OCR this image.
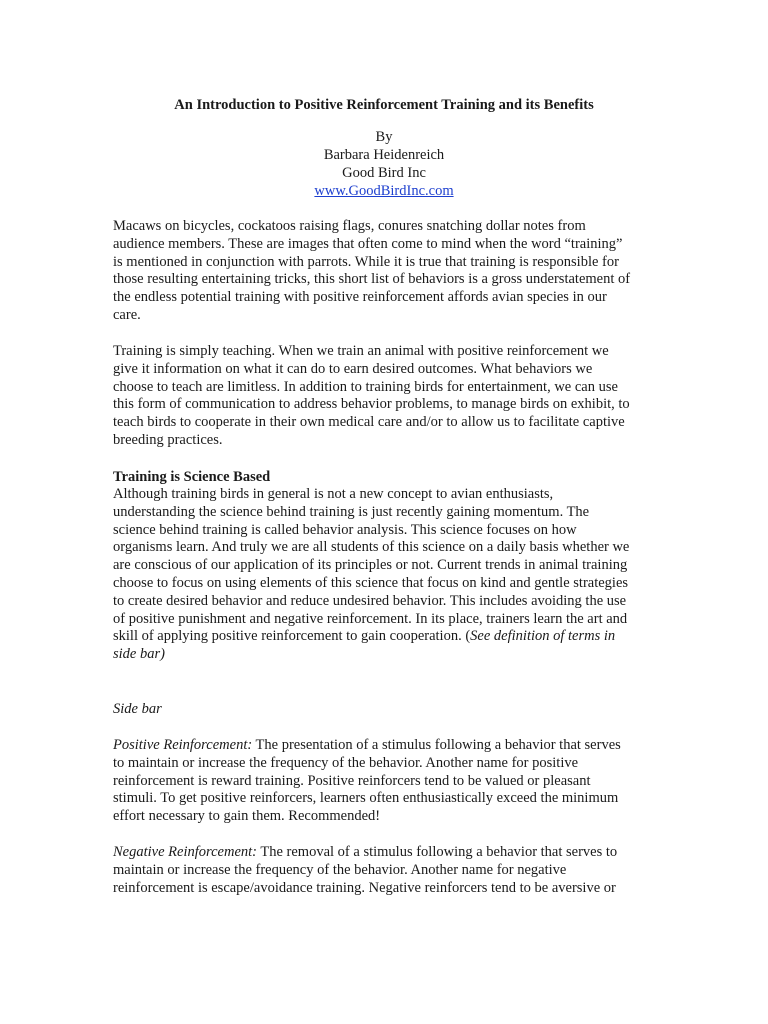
An Introduction to Positive Reinforcement Training and its Benefits
By
Barbara Heidenreich
Good Bird Inc
www.GoodBirdInc.com

Macaws on bicycles, cockatoos raising flags, conures snatching dollar notes from
audience members. These are images that often come to mind when the word “training”
is mentioned in conjunction with parrots. While it is true that training is responsible for
those resulting entertaining tricks, this short list of behaviors is a gross understatement of
the endless potential training with positive reinforcement affords avian species in our
care.

Training is simply teaching. When we train an animal with positive reinforcement we
give it information on what it can do to earn desired outcomes. What behaviors we
choose to teach are limitless. In addition to training birds for entertainment, we can use
this form of communication to address behavior problems, to manage birds on exhibit, to
teach birds to cooperate in their own medical care and/or to allow us to facilitate captive
breeding practices.

Training is Science Based

Although training birds in general is not a new concept to avian enthusiasts,
understanding the science behind training is just recently gaining momentum. The
science behind training is called behavior analysis. This science focuses on how
organisms learn. And truly we are all students of this science on a daily basis whether we
are conscious of our application of its principles or not. Current trends in animal training
choose to focus on using elements of this science that focus on kind and gentle strategies
to create desired behavior and reduce undesired behavior. This includes avoiding the use
of positive punishment and negative reinforcement. In its place, trainers learn the art and
skill of applying positive reinforcement to gain cooperation. (See definition of terms in
side bar)

Side bar

Positive Reinforcement: The presentation of a stimulus following a behavior that serves
to maintain or increase the frequency of the behavior. Another name for positive
reinforcement is reward training. Positive reinforcers tend to be valued or pleasant
stimuli. To get positive reinforcers, learners often enthusiastically exceed the minimum
effort necessary to gain them. Recommended!

Negative Reinforcement: The removal of a stimulus following a behavior that serves to
maintain or increase the frequency of the behavior. Another name for negative
reinforcement is escape/avoidance training. Negative reinforcers tend to be aversive or
